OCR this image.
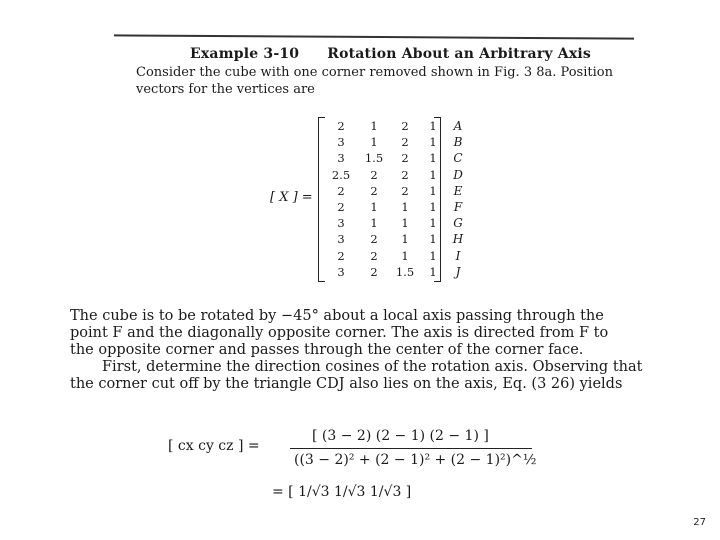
Example 3-10 Rotation About an Arbitrary Axis
Consider the cube with one corner removed shown in Fig. 3 8a. Position
vectors for the vertices are
[ X ] =
2	1	2	1	A
3	1	2	1	B
3	1.5	2	1	C
2.5	2	2	1	D
2	2	2	1	E
2	1	1	1	F
3	1	1	1	G
3	2	1	1	H
2	2	1	1	I
3	2	1.5	1	J
The cube is to be rotated by −45° about a local axis passing through the
point F and the diagonally opposite corner. The axis is directed from F to
the opposite corner and passes through the center of the corner face.
First, determine the direction cosines of the rotation axis. Observing that
the corner cut off by the triangle CDJ also lies on the axis, Eq. (3 26) yields
[ cx cy cz ] =
[ (3 − 2) (2 − 1) (2 − 1) ]
((3 − 2)² + (2 − 1)² + (2 − 1)²)^½
= [ 1/√3 1/√3 1/√3 ]
27
